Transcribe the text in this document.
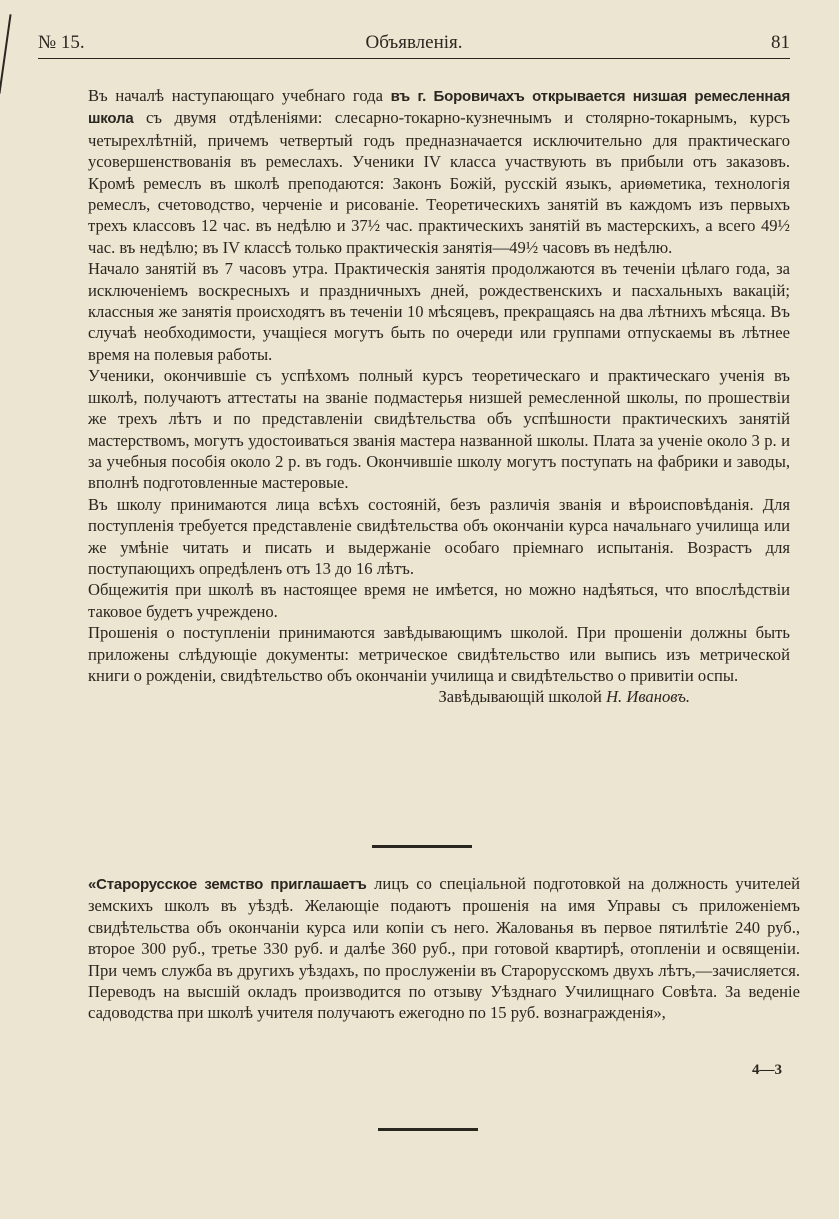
№ 15.	Объявленія.	81

Въ началѣ наступающаго учебнаго года въ г. Боровичахъ открывается низшая ремесленная школа съ двумя отдѣленіями: слесарно-токарно-кузнечнымъ и столярно-токарнымъ, курсъ четырехлѣтній, причемъ четвертый годъ предназначается исключительно для практическаго усовершенствованія въ ремеслахъ. Ученики IV класса участвують въ прибыли отъ заказовъ. Кромѣ ремеслъ въ школѣ преподаются: Законъ Божій, русскій языкъ, ариѳметика, технологія ремеслъ, счетоводство, черченіе и рисованіе. Теоретическихъ занятій въ каждомъ изъ первыхъ трехъ классовъ 12 час. въ недѣлю и 37½ час. практическихъ занятій въ мастерскихъ, а всего 49½ час. въ недѣлю; въ IV классѣ только практическія занятія—49½ часовъ въ недѣлю.

Начало занятій въ 7 часовъ утра. Практическія занятія продолжаются въ теченіи цѣлаго года, за исключеніемъ воскресныхъ и праздничныхъ дней, рождественскихъ и пасхальныхъ вакацій; классныя же занятія происходятъ въ теченіи 10 мѣсяцевъ, прекращаясь на два лѣтнихъ мѣсяца. Въ случаѣ необходимости, учащіеся могутъ быть по очереди или группами отпускаемы въ лѣтнее время на полевыя работы.

Ученики, окончившіе съ успѣхомъ полный курсъ теоретическаго и практическаго ученія въ школѣ, получаютъ аттестаты на званіе подмастерья низшей ремесленной школы, по прошествіи же трехъ лѣтъ и по представленіи свидѣтельства объ успѣшности практическихъ занятій мастерствомъ, могутъ удостоиваться званія мастера названной школы. Плата за ученіе около 3 р. и за учебныя пособія около 2 р. въ годъ. Окончившіе школу могутъ поступать на фабрики и заводы, вполнѣ подготовленные мастеровые.

Въ школу принимаются лица всѣхъ состояній, безъ различія званія и вѣроисповѣданія. Для поступленія требуется представленіе свидѣтельства объ окончаніи курса начальнаго училища или же умѣніе читать и писать и выдержаніе особаго пріемнаго испытанія. Возрастъ для поступающихъ опредѣленъ отъ 13 до 16 лѣтъ.

Общежитія при школѣ въ настоящее время не имѣется, но можно надѣяться, что впослѣдствіи таковое будетъ учреждено.

Прошенія о поступленіи принимаются завѣдывающимъ школой. При прошеніи должны быть приложены слѣдующіе документы: метрическое свидѣтельство или выпись изъ метрической книги о рожденіи, свидѣтельство объ окончаніи училища и свидѣтельство о привитіи оспы.

Завѣдывающій школой Н. Ивановъ.

«Старорусское земство приглашаетъ лицъ со спеціальной подготовкой на должность учителей земскихъ школъ въ уѣздѣ. Желающіе подаютъ прошенія на имя Управы съ приложеніемъ свидѣтельства объ окончаніи курса или копіи съ него. Жалованья въ первое пятилѣтіе 240 руб., второе 300 руб., третье 330 руб. и далѣе 360 руб., при готовой квартирѣ, отопленіи и освященіи. При чемъ служба въ другихъ уѣздахъ, по прослуженіи въ Старорусскомъ двухъ лѣтъ,—зачисляется. Переводъ на высшій окладъ производится по отзыву Уѣзднаго Училищнаго Совѣта. За веденіе садоводства при школѣ учителя получаютъ ежегодно по 15 руб. вознагражденія»,

4—3
